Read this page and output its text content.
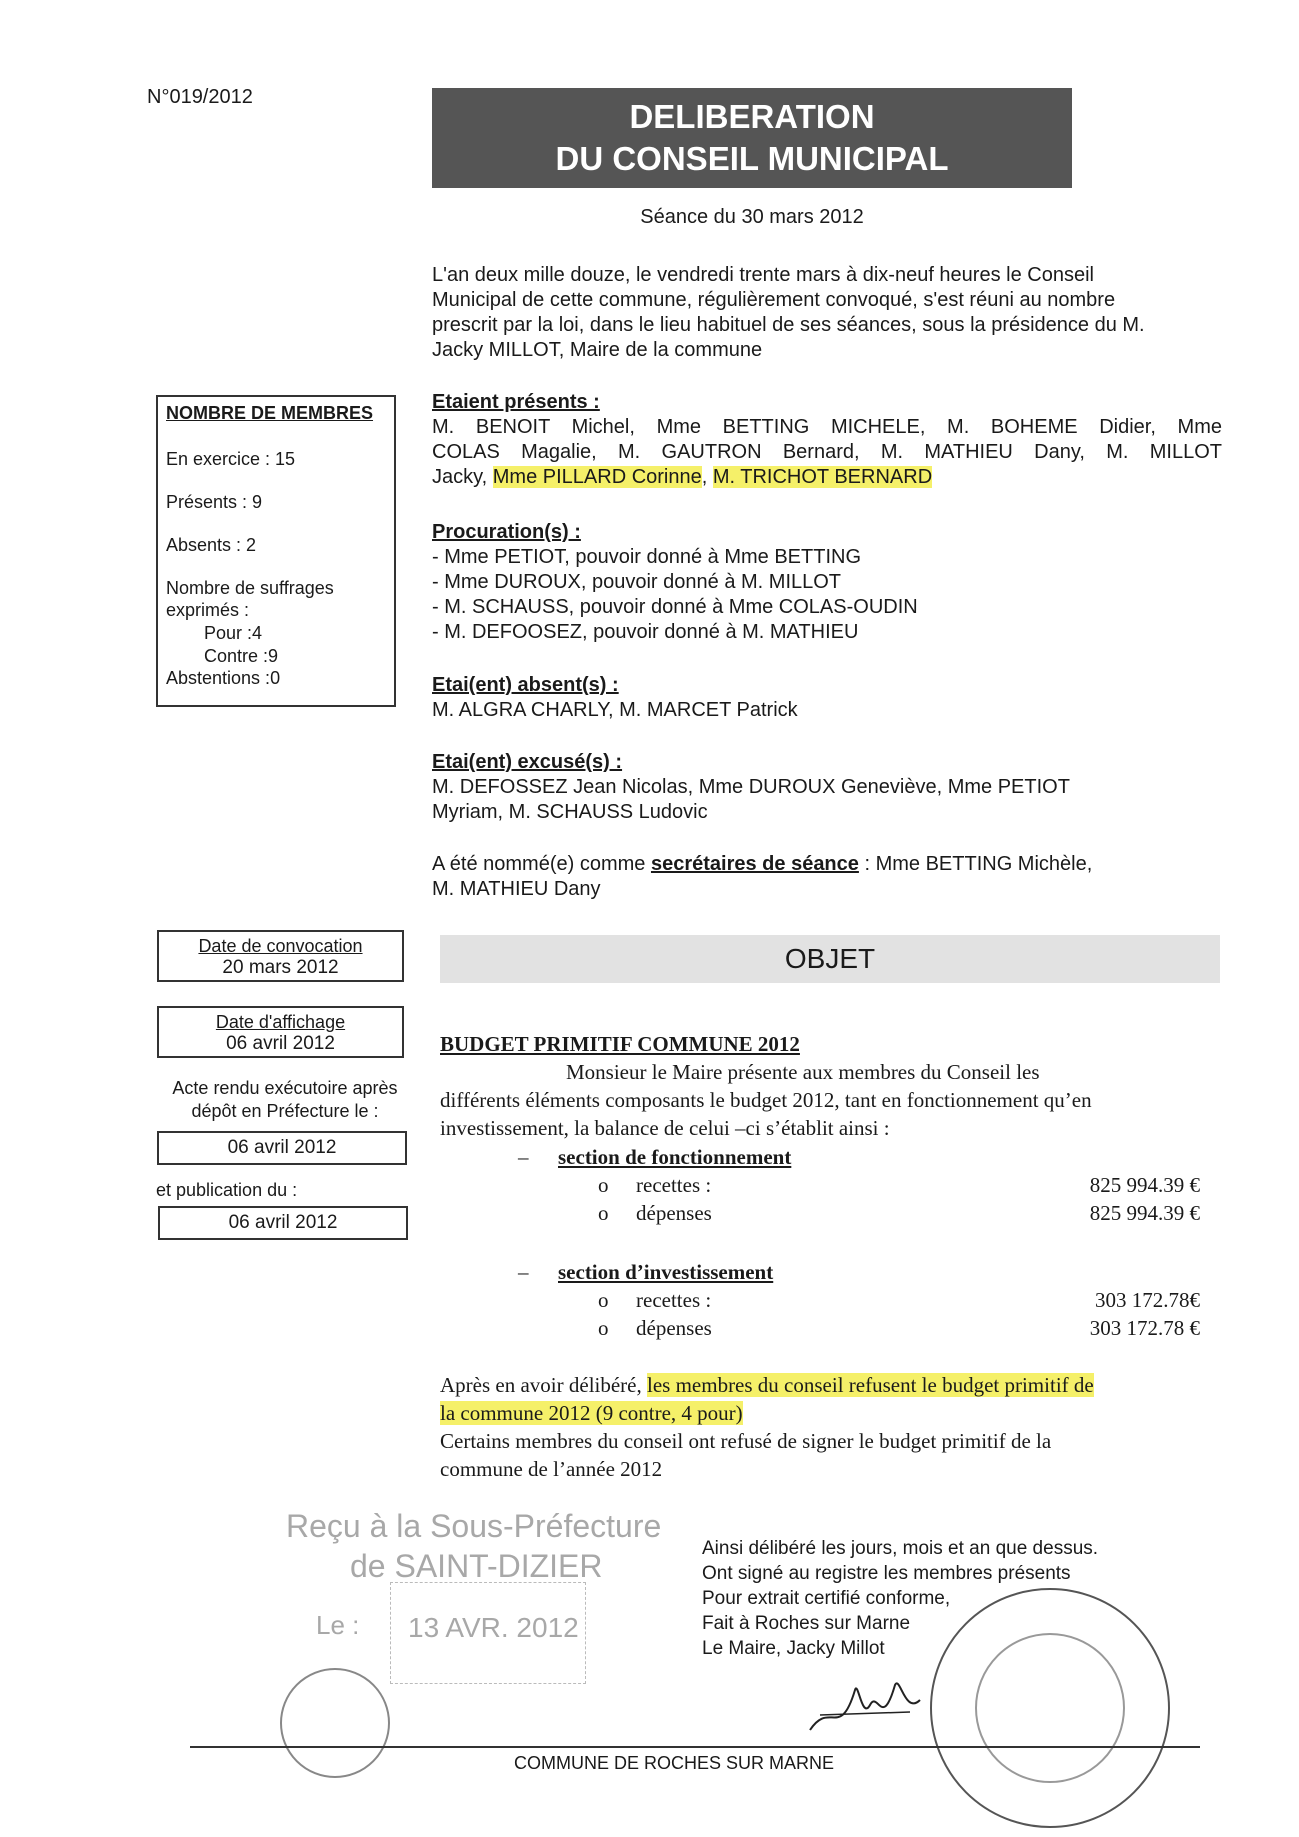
N°019/2012
DELIBERATION
DU CONSEIL MUNICIPAL
Séance du 30 mars 2012
L'an deux mille douze, le vendredi trente mars à dix-neuf heures le Conseil
Municipal de cette commune, régulièrement convoqué, s'est réuni au nombre
prescrit par la loi, dans le lieu habituel de ses séances, sous la présidence du M.
Jacky MILLOT, Maire de la commune
NOMBRE DE MEMBRES
En exercice : 15
Présents : 9
Absents : 2
Nombre de suffrages
exprimés :
Pour :4
Contre :9
Abstentions :0
Etaient présents :
M. BENOIT Michel, Mme BETTING MICHELE, M. BOHEME Didier, Mme
COLAS Magalie, M. GAUTRON Bernard, M. MATHIEU Dany, M. MILLOT
Jacky, Mme PILLARD Corinne, M. TRICHOT BERNARD
Procuration(s) :
- Mme PETIOT, pouvoir donné à Mme BETTING
- Mme DUROUX, pouvoir donné à M. MILLOT
- M. SCHAUSS, pouvoir donné à Mme COLAS-OUDIN
- M. DEFOOSEZ, pouvoir donné à M. MATHIEU
Etai(ent) absent(s) :
M. ALGRA CHARLY, M. MARCET Patrick
Etai(ent) excusé(s) :
M. DEFOSSEZ Jean Nicolas, Mme DUROUX Geneviève, Mme PETIOT
Myriam, M. SCHAUSS Ludovic
A été nommé(e) comme secrétaires de séance : Mme BETTING Michèle,
M. MATHIEU Dany
Date de convocation
20 mars 2012
Date d'affichage
06 avril 2012
Acte rendu exécutoire après
dépôt en Préfecture le :
06 avril 2012
et publication du :
06 avril 2012
OBJET
BUDGET PRIMITIF COMMUNE 2012
Monsieur le Maire présente aux membres du Conseil les
différents éléments composants le budget 2012, tant en fonctionnement qu’en
investissement, la balance de celui –ci s’établit ainsi :
– section de fonctionnement
o recettes :	825 994.39 €
o dépenses	825 994.39 €
– section d’investissement
o recettes :	303 172.78€
o dépenses	303 172.78 €
Après en avoir délibéré, les membres du conseil refusent le budget primitif de
la commune 2012 (9 contre, 4 pour)
Certains membres du conseil ont refusé de signer le budget primitif de la
commune de l’année 2012
Reçu à la Sous-Préfecture
de SAINT-DIZIER
Le : 13 AVR. 2012
Ainsi délibéré les jours, mois et an que dessus.
Ont signé au registre les membres présents
Pour extrait certifié conforme,
Fait à Roches sur Marne
Le Maire, Jacky Millot
COMMUNE DE ROCHES SUR MARNE
